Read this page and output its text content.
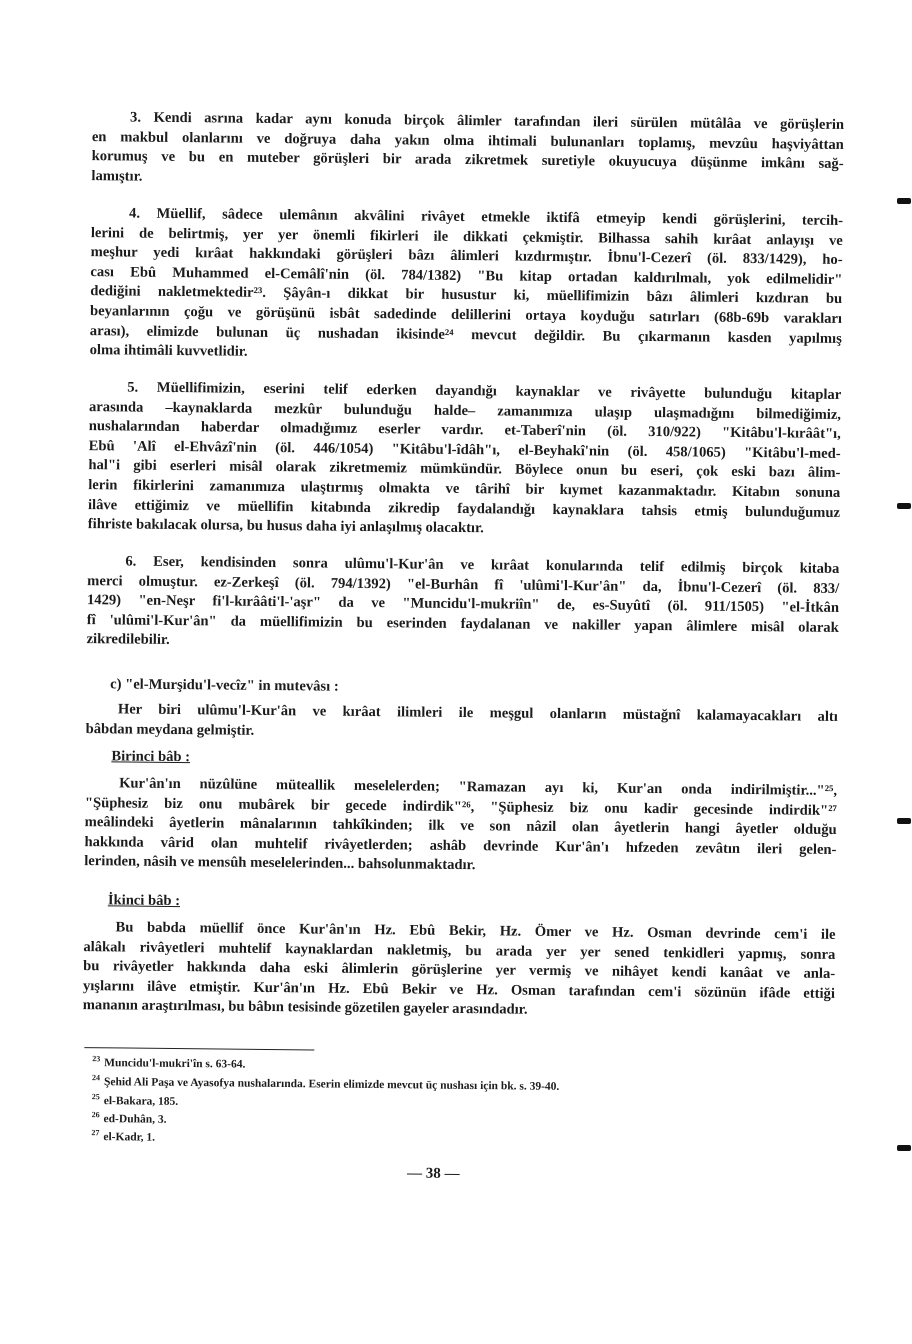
3. Kendi asrına kadar aynı konuda birçok âlimler tarafından ileri sürülen mütâlâa ve görüşlerin
en makbul olanlarını ve doğruya daha yakın olma ihtimali bulunanları toplamış, mevzûu haşviyâttan
korumuş ve bu en muteber görüşleri bir arada zikretmek suretiyle okuyucuya düşünme imkânı sağ-
lamıştır.
4. Müellif, sâdece ulemânın akvâlini rivâyet etmekle iktifâ etmeyip kendi görüşlerini, tercih-
lerini de belirtmiş, yer yer önemli fikirleri ile dikkati çekmiştir. Bilhassa sahih kırâat anlayışı ve
meşhur yedi kırâat hakkındaki görüşleri bâzı âlimleri kızdırmıştır. İbnu'l-Cezerî (öl. 833/1429), ho-
cası Ebû Muhammed el-Cemâlî'nin (öl. 784/1382) "Bu kitap ortadan kaldırılmalı, yok edilmelidir"
dediğini nakletmektedir²³. Şâyân-ı dikkat bir husustur ki, müellifimizin bâzı âlimleri kızdıran bu
beyanlarının çoğu ve görüşünü isbât sadedinde delillerini ortaya koyduğu satırları (68b-69b varakları
arası), elimizde bulunan üç nushadan ikisinde²⁴ mevcut değildir. Bu çıkarmanın kasden yapılmış
olma ihtimâli kuvvetlidir.
5. Müellifimizin, eserini telif ederken dayandığı kaynaklar ve rivâyette bulunduğu kitaplar
arasında –kaynaklarda mezkûr bulunduğu halde– zamanımıza ulaşıp ulaşmadığını bilmediğimiz,
nushalarından haberdar olmadığımız eserler vardır. et-Taberî'nin (öl. 310/922) "Kitâbu'l-kırâât"ı,
Ebû 'Alî el-Ehvâzî'nin (öl. 446/1054) "Kitâbu'l-îdâh"ı, el-Beyhakî'nin (öl. 458/1065) "Kitâbu'l-med-
hal"i gibi eserleri misâl olarak zikretmemiz mümkündür. Böylece onun bu eseri, çok eski bazı âlim-
lerin fikirlerini zamanımıza ulaştırmış olmakta ve târihî bir kıymet kazanmaktadır. Kitabın sonuna
ilâve ettiğimiz ve müellifin kitabında zikredip faydalandığı kaynaklara tahsis etmiş bulunduğumuz
fihriste bakılacak olursa, bu husus daha iyi anlaşılmış olacaktır.
6. Eser, kendisinden sonra ulûmu'l-Kur'ân ve kırâat konularında telif edilmiş birçok kitaba
merci olmuştur. ez-Zerkeşî (öl. 794/1392) "el-Burhân fî 'ulûmi'l-Kur'ân" da, İbnu'l-Cezerî (öl. 833/
1429) "en-Neşr fi'l-kırââti'l-'aşr" da ve "Muncidu'l-mukriîn" de, es-Suyûtî (öl. 911/1505) "el-İtkân
fî 'ulûmi'l-Kur'ân" da müellifimizin bu eserinden faydalanan ve nakiller yapan âlimlere misâl olarak
zikredilebilir.
c) "el-Murşidu'l-vecîz" in mutevâsı :
Her biri ulûmu'l-Kur'ân ve kırâat ilimleri ile meşgul olanların müstağnî kalamayacakları altı
bâbdan meydana gelmiştir.
Birinci bâb :
Kur'ân'ın nüzûlüne müteallik meselelerden; "Ramazan ayı ki, Kur'an onda indirilmiştir..."²⁵,
"Şüphesiz biz onu mubârek bir gecede indirdik"²⁶, "Şüphesiz biz onu kadir gecesinde indirdik"²⁷
meâlindeki âyetlerin mânalarının tahkîkinden; ilk ve son nâzil olan âyetlerin hangi âyetler olduğu
hakkında vârid olan muhtelif rivâyetlerden; ashâb devrinde Kur'ân'ı hıfzeden zevâtın ileri gelen-
lerinden, nâsih ve mensûh meselelerinden... bahsolunmaktadır.
İkinci bâb :
Bu babda müellif önce Kur'ân'ın Hz. Ebû Bekir, Hz. Ömer ve Hz. Osman devrinde cem'i ile
alâkalı rivâyetleri muhtelif kaynaklardan nakletmiş, bu arada yer yer sened tenkidleri yapmış, sonra
bu rivâyetler hakkında daha eski âlimlerin görüşlerine yer vermiş ve nihâyet kendi kanâat ve anla-
yışlarını ilâve etmiştir. Kur'ân'ın Hz. Ebû Bekir ve Hz. Osman tarafından cem'i sözünün ifâde ettiği
mananın araştırılması, bu bâbın tesisinde gözetilen gayeler arasındadır.
$^{23}$ Muncidu'l-mukri'în s. 63-64.
$^{24}$ Şehid Ali Paşa ve Ayasofya nushalarında. Eserin elimizde mevcut üç nushası için bk. s. 39-40.
$^{25}$ el-Bakara, 185.
$^{26}$ ed-Duhân, 3.
$^{27}$ el-Kadr, 1.
— 38 —
